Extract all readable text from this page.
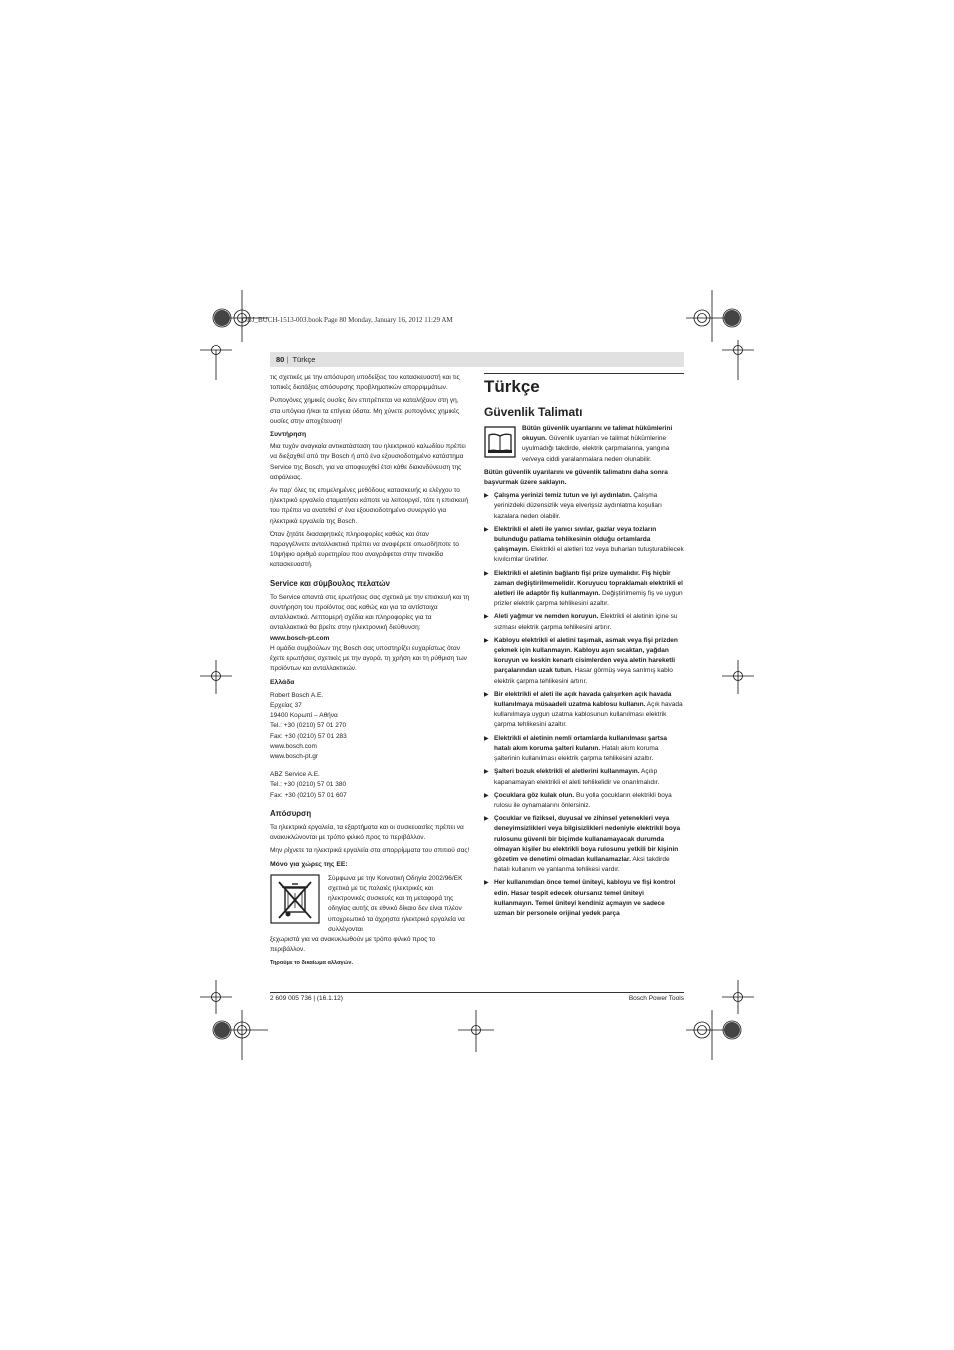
OBJ_BUCH-1513-003.book Page 80 Monday, January 16, 2012 11:29 AM
80 | Türkçe

τις σχετικές με την απόσυρση υποδείξεις του κατασκευαστή και τις τοπικές διατάξεις απόσυρσης προβληματικών απορριμμάτων.

Ρυπογόνες χημικές ουσίες δεν επιτρέπεται να καταλήξουν στη γη, στα υπόγεια ή/και τα επίγεια ύδατα. Μη χύνετε ρυπογόνες χημικές ουσίες στην αποχέτευση!

Συντήρηση

Μια τυχόν αναγκαία αντικατάσταση του ηλεκτρικού καλωδίου πρέπει να διεξαχθεί από την Bosch ή από ένα εξουσιοδοτημένο κατάστημα Service της Bosch, για να αποφευχθεί έτσι κάθε διακινδύνευση της ασφάλειας.

Αν παρ' όλες τις επιμελημένες μεθόδους κατασκευής κι ελέγχου το ηλεκτρικό εργαλείο σταματήσει κάποτε να λειτουργεί, τότε η επισκευή του πρέπει να ανατεθεί σ' ένα εξουσιοδοτημένο συνεργείο για ηλεκτρικά εργαλεία της Bosch.

Όταν ζητάτε διασαφητικές πληροφορίες καθώς και όταν παραγγέλνετε ανταλλακτικά πρέπει να αναφέρετε οπωσδήποτε το 10ψήφιο αριθμό ευρετηρίου που αναγράφεται στην πινακίδα κατασκευαστή.

Service και σύμβουλος πελατών

Το Service απαντά στις ερωτήσεις σας σχετικά με την επισκευή και τη συντήρηση του προϊόντος σας καθώς και για τα αντίστοιχα ανταλλακτικά. Λεπτομερή σχέδια και πληροφορίες για τα ανταλλακτικά θα βρείτε στην ηλεκτρονική διεύθυνση:
www.bosch-pt.com
Η ομάδα συμβούλων της Bosch σας υποστηρίζει ευχαρίστως όταν έχετε ερωτήσεις σχετικές με την αγορά, τη χρήση και τη ρύθμιση των προϊόντων και ανταλλακτικών.

Ελλάδα
Robert Bosch A.E.
Ερχείας 37
19400 Κορωπί – Αθήνα
Tel.: +30 (0210) 57 01 270
Fax: +30 (0210) 57 01 283
www.bosch.com
www.bosch-pt.gr
ABZ Service A.E.
Tel.: +30 (0210) 57 01 380
Fax: +30 (0210) 57 01 607
Απόσυρση

Τα ηλεκτρικά εργαλεία, τα εξαρτήματα και οι συσκευασίες πρέπει να ανακυκλώνονται με τρόπο φιλικό προς το περιβάλλον.

Μην ρίχνετε τα ηλεκτρικά εργαλεία στα απορρίμματα του σπιτιού σας!

Μόνο για χώρες της ΕΕ:
Σύμφωνα με την Κοινοτική Οδηγία 2002/96/ΕΚ σχετικά με τις παλαιές ηλεκτρικές και ηλεκτρονικές συσκευές και τη μεταφορά της οδηγίας αυτής σε εθνικό δίκαιο δεν είναι πλέον υποχρεωτικό τα άχρηστα ηλεκτρικά εργαλεία να συλλέγονται

ξεχωριστά για να ανακυκλωθούν με τρόπο φιλικό προς το περιβάλλον.

Τηρούμε το δικαίωμα αλλαγών.
Türkçe
Güvenlik Talimatı
Bütün güvenlik uyarılarını ve talimat hükümlerini okuyun. Güvenlik uyarıları ve talimat hükümlerine uyulmadığı takdirde, elektrik çarpmalarına, yangına ve/veya ciddi yaralanmalara neden olunabilir.

Bütün güvenlik uyarılarını ve güvenlik talimatını daha sonra başvurmak üzere saklayın.

▶ Çalışma yerinizi temiz tutun ve iyi aydınlatın. Çalışma yerinizdeki düzensizlik veya elverişsiz aydınlatma koşulları kazalara neden olabilir.
▶ Elektrikli el aleti ile yanıcı sıvılar, gazlar veya tozların bulunduğu patlama tehlikesinin olduğu ortamlarda çalışmayın. Elektrikli el aletleri toz veya buharları tutuşturabilecek kıvılcımlar üretirler.
▶ Elektrikli el aletinin bağlantı fişi prize uymalıdır. Fiş hiçbir zaman değiştirilmemelidir. Koruyucu topraklamalı elektrikli el aletleri ile adaptör fiş kullanmayın. Değiştirilmemiş fiş ve uygun prizler elektrik çarpma tehlikesini azaltır.
▶ Aleti yağmur ve nemden koruyun. Elektrikli el aletinin içine su sızması elektrik çarpma tehlikesini artırır.
▶ Kabloyu elektrikli el aletini taşımak, asmak veya fişi prizden çekmek için kullanmayın. Kabloyu aşırı sıcaktan, yağdan koruyun ve keskin kenarlı cisimlerden veya aletin hareketli parçalarından uzak tutun. Hasar görmüş veya sarılmış kablo elektrik çarpma tehlikesini artırır.
▶ Bir elektrikli el aleti ile açık havada çalışırken açık havada kullanılmaya müsaadeli uzatma kablosu kullanın. Açık havada kullanılmaya uygun uzatma kablosunun kullanılması elektrik çarpma tehlikesini azaltır.
▶ Elektrikli el aletinin nemli ortamlarda kullanılması şartsa hatalı akım koruma şalteri kulanın. Hatalı akım koruma şalterinin kullanılması elektrik çarpma tehlikesini azaltır.
▶ Şalteri bozuk elektrikli el aletlerini kullanmayın. Açılıp kapanamayan elektrikli el aleti tehlikelidir ve onarılmalıdır.
▶ Çocuklara göz kulak olun. Bu yolla çocukların elektrikli boya rulosu ile oynamalarını önlersiniz.
▶ Çocuklar ve fiziksel, duyusal ve zihinsel yetenekleri veya deneyimsizlikleri veya bilgisizlikleri nedeniyle elektrikli boya rulosunu güvenli bir biçimde kullanamayacak durumda olmayan kişiler bu elektrikli boya rulosunu yetkili bir kişinin gözetim ve denetimi olmadan kullanamazlar. Aksi takdirde hatalı kullanım ve yanlanma tehlikesi vardır.
▶ Her kullanımdan önce temel üniteyi, kabloyu ve fişi kontrol edin. Hasar tespit edecek olursanız temel üniteyi kullanmayın. Temel üniteyi kendiniz açmayın ve sadece uzman bir personele orijinal yedek parça
2 609 005 736 | (16.1.12)	Bosch Power Tools
